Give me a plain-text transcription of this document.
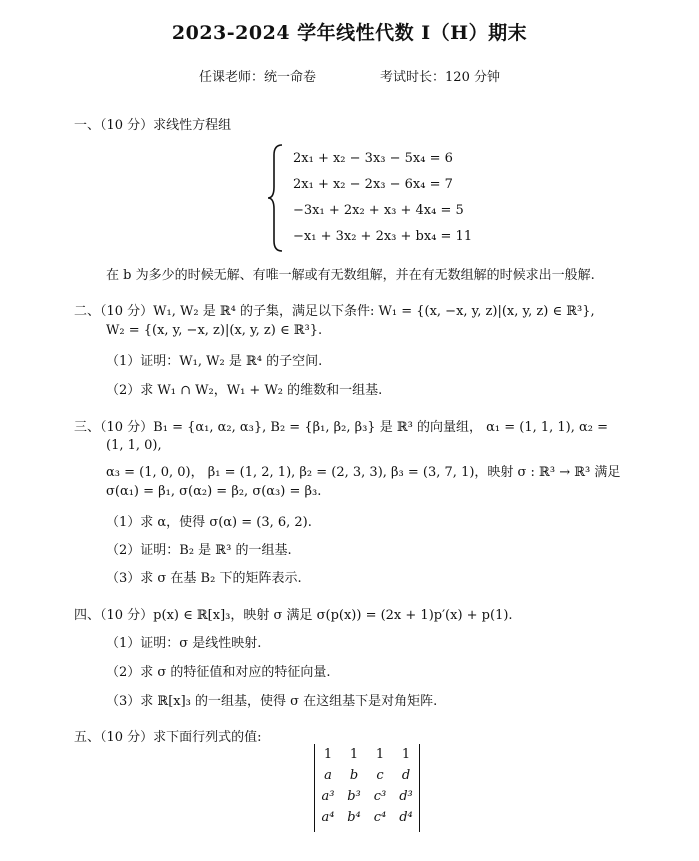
2023-2024 学年线性代数 I（H）期末
任课老师：统一命卷	考试时长：120 分钟
一、（10 分）求线性方程组
2x₁ + x₂ − 3x₃ − 5x₄ = 6
2x₁ + x₂ − 2x₃ − 6x₄ = 7
−3x₁ + 2x₂ + x₃ + 4x₄ = 5
−x₁ + 3x₂ + 2x₃ + bx₄ = 11
在 b 为多少的时候无解、有唯一解或有无数组解，并在有无数组解的时候求出一般解.
二、（10 分）W₁, W₂ 是 ℝ⁴ 的子集，满足以下条件: W₁ = {(x, −x, y, z)|(x, y, z) ∈ ℝ³},
W₂ = {(x, y, −x, z)|(x, y, z) ∈ ℝ³}.
（1）证明：W₁, W₂ 是 ℝ⁴ 的子空间.
（2）求 W₁ ∩ W₂，W₁ + W₂ 的维数和一组基.
三、（10 分）B₁ = {α₁, α₂, α₃}, B₂ = {β₁, β₂, β₃} 是 ℝ³ 的向量组， α₁ = (1, 1, 1), α₂ =
(1, 1, 0),
α₃ = (1, 0, 0)， β₁ = (1, 2, 1), β₂ = (2, 3, 3), β₃ = (3, 7, 1)，映射 σ : ℝ³ → ℝ³ 满足
σ(α₁) = β₁, σ(α₂) = β₂, σ(α₃) = β₃.
（1）求 α，使得 σ(α) = (3, 6, 2).
（2）证明：B₂ 是 ℝ³ 的一组基.
（3）求 σ 在基 B₂ 下的矩阵表示.
四、（10 分）p(x) ∈ ℝ[x]₃，映射 σ 满足 σ(p(x)) = (2x + 1)p′(x) + p(1).
（1）证明：σ 是线性映射.
（2）求 σ 的特征值和对应的特征向量.
（3）求 ℝ[x]₃ 的一组基，使得 σ 在这组基下是对角矩阵.
五、（10 分）求下面行列式的值:
1	1	1	1
a	b	c	d
a³ b³ c³ d³
a⁴ b⁴ c⁴ d⁴
